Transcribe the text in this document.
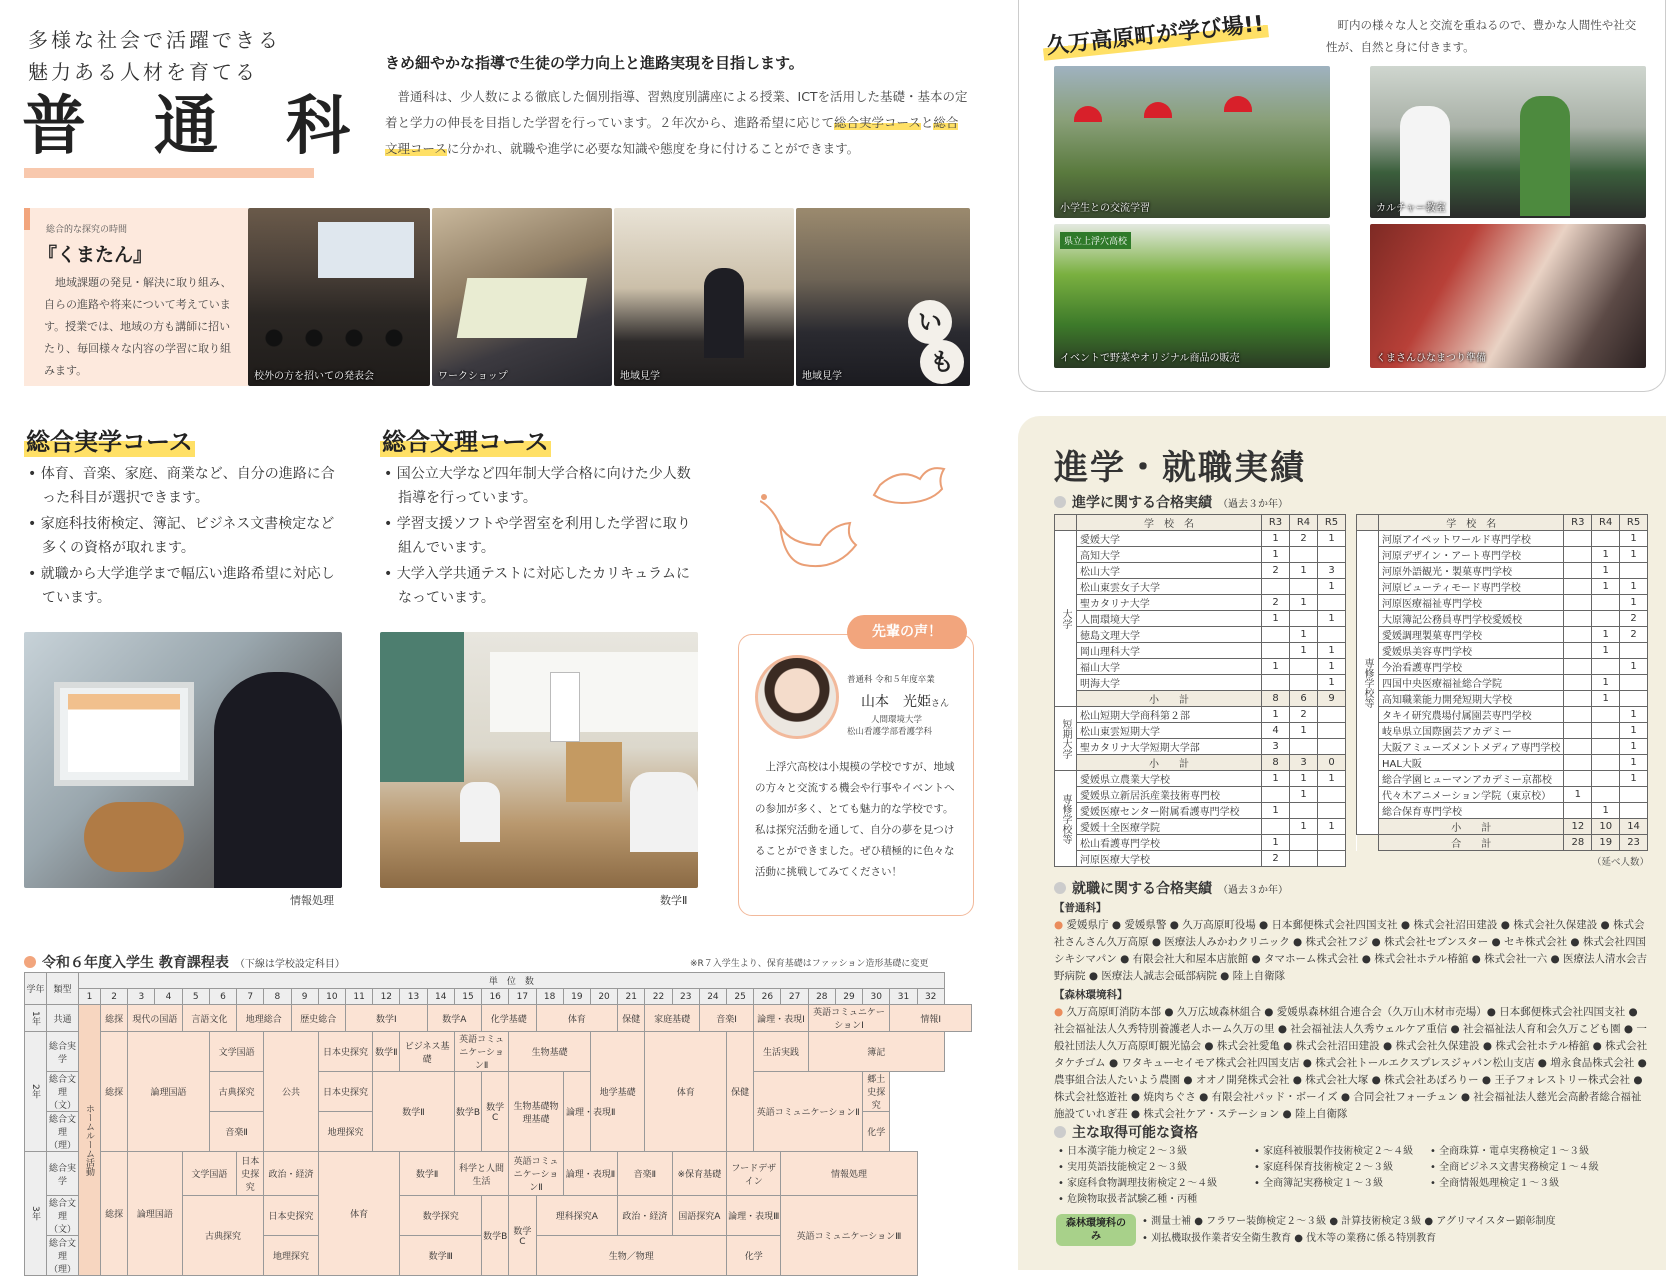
多様な社会で活躍できる
魅力ある人材を育てる
普　通　科
きめ細やかな指導で生徒の学力向上と進路実現を目指します。
普通科は、少人数による徹底した個別指導、習熟度別講座による授業、ICTを活用した基礎・基本の定着と学力の伸長を目指した学習を行っています。２年次から、進路希望に応じて総合実学コースと総合文理コースに分かれ、就職や進学に必要な知識や態度を身に付けることができます。
総合的な探究の時間
『くまたん』
地域課題の発見・解決に取り組み、自らの進路や将来について考えています。授業では、地域の方も講師に招いたり、毎回様々な内容の学習に取り組みます。	校外の方を招いての発表会	ワークショップ	地域見学
い
も
地域見学
総合実学コース
• 体育、音楽、家庭、商業など、自分の進路に合った科目が選択できます。
• 家庭科技術検定、簿記、ビジネス文書検定など多くの資格が取れます。
• 就職から大学進学まで幅広い進路希望に対応しています。
総合文理コース
• 国公立大学など四年制大学合格に向けた少人数指導を行っています。
• 学習支援ソフトや学習室を利用した学習に取り組んでいます。
• 大学入学共通テストに対応したカリキュラムになっています。
情報処理	数学Ⅱ
先輩の声！
普通科 令和５年度卒業
山本　光姫さん
人間環境大学
松山看護学部看護学科
上浮穴高校は小規模の学校ですが、地域の方々と交流する機会や行事やイベントへの参加が多く、とても魅力的な学校です。私は探究活動を通して、自分の夢を見つけることができました。ぜひ積極的に色々な活動に挑戦してみてください！
令和６年度入学生 教育課程表 （下線は学校設定科目）	※R７入学生より、保育基礎はファッション造形基礎に変更
学年	類型	単　位　数																															
		1	2	3	4	5	6	7	8	9	10	11	12	13	14	15	16	17	18	19	20	21	22	23	24	25	26	27	28	29	30	31	32
1年	共通	ホームルーム活動	総探	現代の国語		言語文化		地理総合		歴史総合		数学Ⅰ			数学A		化学基礎		体育			保健	家庭基礎		音楽Ⅰ		論理・表現Ⅰ		英語コミュニケーションⅠ			情報Ⅰ	
2年	総合実学		総探	論理国語			文学国語		公共		日本史探究		数学Ⅱ	ビジネス基礎		英語コミュニケーションⅡ		生物基礎			地学基礎		体育			保健	生活実践		簿記				
	総合文理（文）						古典探究				日本史探究		数学Ⅱ			数学B	数学C	生物基礎物理基礎		論理・表現Ⅱ							英語コミュニケーションⅡ				郷土史探究		
	総合文理（理）						音楽Ⅱ				地理探究																				化学		
3年	総合実学		総探	論理国語		文学国語		日本史探究	政治・経済		体育			数学Ⅱ		科学と人間生活		英語コミュニケーションⅡ		論理・表現Ⅱ		音楽Ⅱ		※保育基礎		フードデザイン		情報処理					
	総合文理（文）					古典探究			日本史探究					数学探究			数学B	数学C	理科探究A			政治・経済		国語探究A		論理・表現Ⅲ		英語コミュニケーションⅢ					
	総合文理（理）								地理探究					数学Ⅲ					生物／物理							化学							
久万高原町が学び場!!	町内の様々な人と交流を重ねるので、豊かな人間性や社交性が、自然と身に付きます。
小学生との交流学習	カルチャー教室
県立上浮穴高校
イベントで野菜やオリジナル商品の販売	くまさんひなまつり準備
進学・就職実績
進学に関する合格実績 （過去３か年）
	学　校　名	R3	R4	R5
大学	愛媛大学	1	2	1
	高知大学	1		
	松山大学	2	1	3
	松山東雲女子大学			1
	聖カタリナ大学	2	1	
	人間環境大学	1		1
	徳島文理大学		1	
	岡山理科大学		1	1
	福山大学	1		1
	明海大学			1
	小　　計	8	6	9
短期大学	松山短期大学商科第２部	1	2	
	松山東雲短期大学	4	1	
	聖カタリナ大学短期大学部	3		
	小　　計	8	3	0
専修学校等	愛媛県立農業大学校	1	1	1
	愛媛県立新居浜産業技術専門校		1	
	愛媛医療センター附属看護専門学校	1		
	愛媛十全医療学院		1	1
	松山看護専門学校	1		
	河原医療大学校	2		
	学　校　名	R3	R4	R5
専修学校等	河原アイペットワールド専門学校			1
	河原デザイン・アート専門学校		1	1
	河原外語観光・製菓専門学校		1	
	河原ビューティモード専門学校		1	1
	河原医療福祉専門学校			1
	大原簿記公務員専門学校愛媛校			2
	愛媛調理製菓専門学校		1	2
	愛媛県美容専門学校		1	
	今治看護専門学校			1
	四国中央医療福祉総合学院		1	
	高知職業能力開発短期大学校		1	
	タキイ研究農場付属園芸専門学校			1
	岐阜県立国際園芸アカデミー			1
	大阪アミューズメントメディア専門学校			1
	HAL大阪			1
	総合学園ヒューマンアカデミー京都校			1
	代々木アニメーション学院（東京校）	1		
	総合保育専門学校		1	
	小　　計	12	10	14
	合　　計	28	19	23
（延べ人数）
就職に関する合格実績 （過去３か年）
【普通科】
● 愛媛県庁 ● 愛媛県警 ● 久万高原町役場 ● 日本郵便株式会社四国支社 ● 株式会社沼田建設 ● 株式会社久保建設 ● 株式会社さんさん久万高原 ● 医療法人みかわクリニック ● 株式会社フジ ● 株式会社セブンスター ● セキ株式会社 ● 株式会社四国シキシマパン ● 有限会社大和屋本店旅館 ● タマホーム株式会社 ● 株式会社ホテル椿舘 ● 株式会社一六 ● 医療法人清水会吉野病院 ● 医療法人誠志会砥部病院 ● 陸上自衛隊
【森林環境科】
● 久万高原町消防本部 ● 久万広域森林組合 ● 愛媛県森林組合連合会（久万山木材市売場）● 日本郵便株式会社四国支社 ● 社会福祉法人久秀特別養護老人ホーム久万の里 ● 社会福祉法人久秀ウェルケア重信 ● 社会福祉法人育和会久万こども園 ● 一般社団法人久万高原町観光協会 ● 株式会社愛亀 ● 株式会社沼田建設 ● 株式会社久保建設 ● 株式会社ホテル椿舘 ● 株式会社タケチゴム ● ワタキューセイモア株式会社四国支店 ● 株式会社トールエクスプレスジャパン松山支店 ● 増永食品株式会社 ● 農事組合法人たいよう農園 ● オオノ開発株式会社 ● 株式会社大塚 ● 株式会社あぽろりー ● 王子フォレストリー株式会社 ● 株式会社悠遊社 ● 焼肉ちぐさ ● 有限会社パッド・ボーイズ ● 合同会社フォーチュン ● 社会福祉法人慈光会高齢者総合福祉施設ていれぎ荘 ● 株式会社ケア・ステーション ● 陸上自衛隊
主な取得可能な資格
• 日本漢字能力検定２〜３級
• 実用英語技能検定２〜３級
• 家庭科食物調理技術検定２〜４級
• 危険物取扱者試験乙種・丙種
• 家庭科被服製作技術検定２〜４級
• 家庭科保育技術検定２〜３級
• 全商簿記実務検定１〜３級
• 全商珠算・電卓実務検定１〜３級
• 全商ビジネス文書実務検定１〜４級
• 全商情報処理検定１〜３級
森林環境科のみ
• 測量士補 ● フラワー装飾検定２〜３級 ● 計算技術検定３級 ● アグリマイスター顕彰制度
• 刈払機取扱作業者安全衛生教育 ● 伐木等の業務に係る特別教育
